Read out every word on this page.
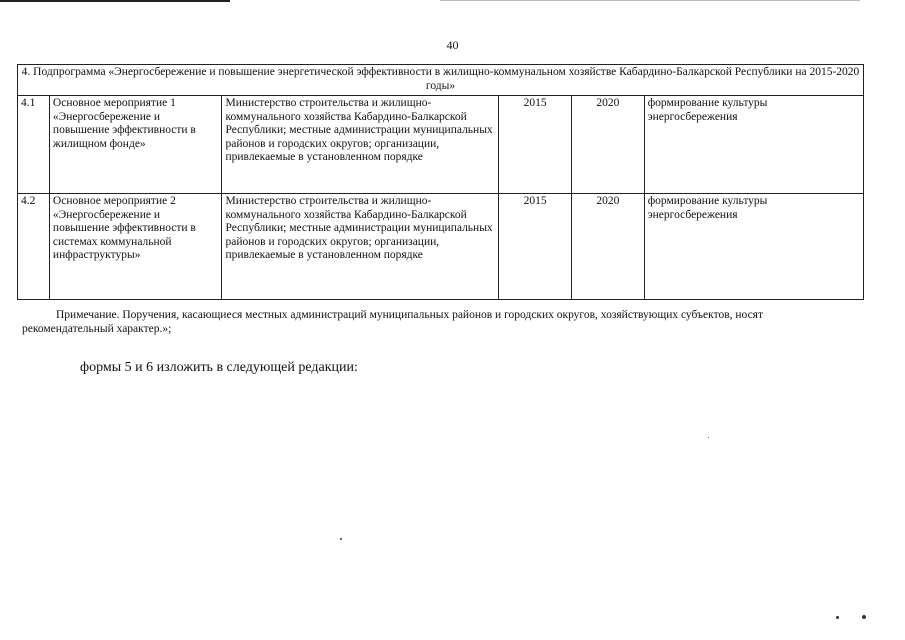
40
4. Подпрограмма «Энергосбережение и повышение энергетической эффективности в жилищно-коммунальном хозяйстве Кабардино-Балкарской Республики на 2015-2020 годы»					
4.1	Основное мероприятие 1 «Энергосбережение и повышение эффективности в жилищном фонде»	Министерство строительства и жилищно-коммунального хозяйства Кабардино-Балкарской Республики; местные администрации муниципальных районов и городских округов; организации, привлекаемые в установленном порядке	2015	2020	формирование культуры энергосбережения
4.2	Основное мероприятие 2 «Энергосбережение и повышение эффективности в системах коммунальной инфраструктуры»	Министерство строительства и жилищно-коммунального хозяйства Кабардино-Балкарской Республики; местные администрации муниципальных районов и городских округов; организации, привлекаемые в установленном порядке	2015	2020	формирование культуры энергосбережения
Примечание. Поручения, касающиеся местных администраций муниципальных районов и городских округов, хозяйствующих субъектов, носят рекомендательный характер.»;
формы 5 и 6 изложить в следующей редакции:
